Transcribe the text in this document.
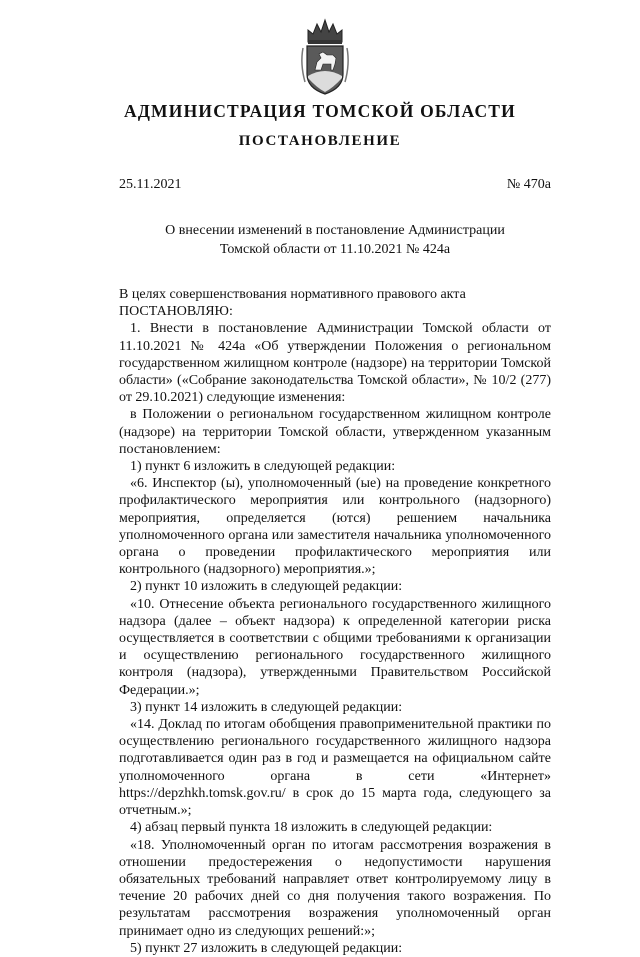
АДМИНИСТРАЦИЯ ТОМСКОЙ ОБЛАСТИ
ПОСТАНОВЛЕНИЕ
25.11.2021	№ 470а
О внесении изменений в постановление Администрации
Томской области от 11.10.2021 № 424а

В целях совершенствования нормативного правового акта

ПОСТАНОВЛЯЮ:

1. Внести в постановление Администрации Томской области от 11.10.2021 № 424а «Об утверждении Положения о региональном государственном жилищном контроле (надзоре) на территории Томской области» («Собрание законодательства Томской области», № 10/2 (277) от 29.10.2021) следующие изменения:

в Положении о региональном государственном жилищном контроле (надзоре) на территории Томской области, утвержденном указанным постановлением:

1) пункт 6 изложить в следующей редакции:

«6. Инспектор (ы), уполномоченный (ые) на проведение конкретного профилактического мероприятия или контрольного (надзорного) мероприятия, определяется (ются) решением начальника уполномоченного органа или заместителя начальника уполномоченного органа о проведении профилактического мероприятия или контрольного (надзорного) мероприятия.»;

2) пункт 10 изложить в следующей редакции:

«10. Отнесение объекта регионального государственного жилищного надзора (далее – объект надзора) к определенной категории риска осуществляется в соответствии с общими требованиями к организации и осуществлению регионального государственного жилищного контроля (надзора), утвержденными Правительством Российской Федерации.»;

3) пункт 14 изложить в следующей редакции:

«14. Доклад по итогам обобщения правоприменительной практики по осуществлению регионального государственного жилищного надзора подготавливается один раз в год и размещается на официальном сайте уполномоченного органа в сети «Интернет» https://depzhkh.tomsk.gov.ru/ в срок до 15 марта года, следующего за отчетным.»;

4) абзац первый пункта 18 изложить в следующей редакции:

«18. Уполномоченный орган по итогам рассмотрения возражения в отношении предостережения о недопустимости нарушения обязательных требований направляет ответ контролируемому лицу в течение 20 рабочих дней со дня получения такого возражения. По результатам рассмотрения возражения уполномоченный орган принимает одно из следующих решений:»;

5) пункт 27 изложить в следующей редакции:
